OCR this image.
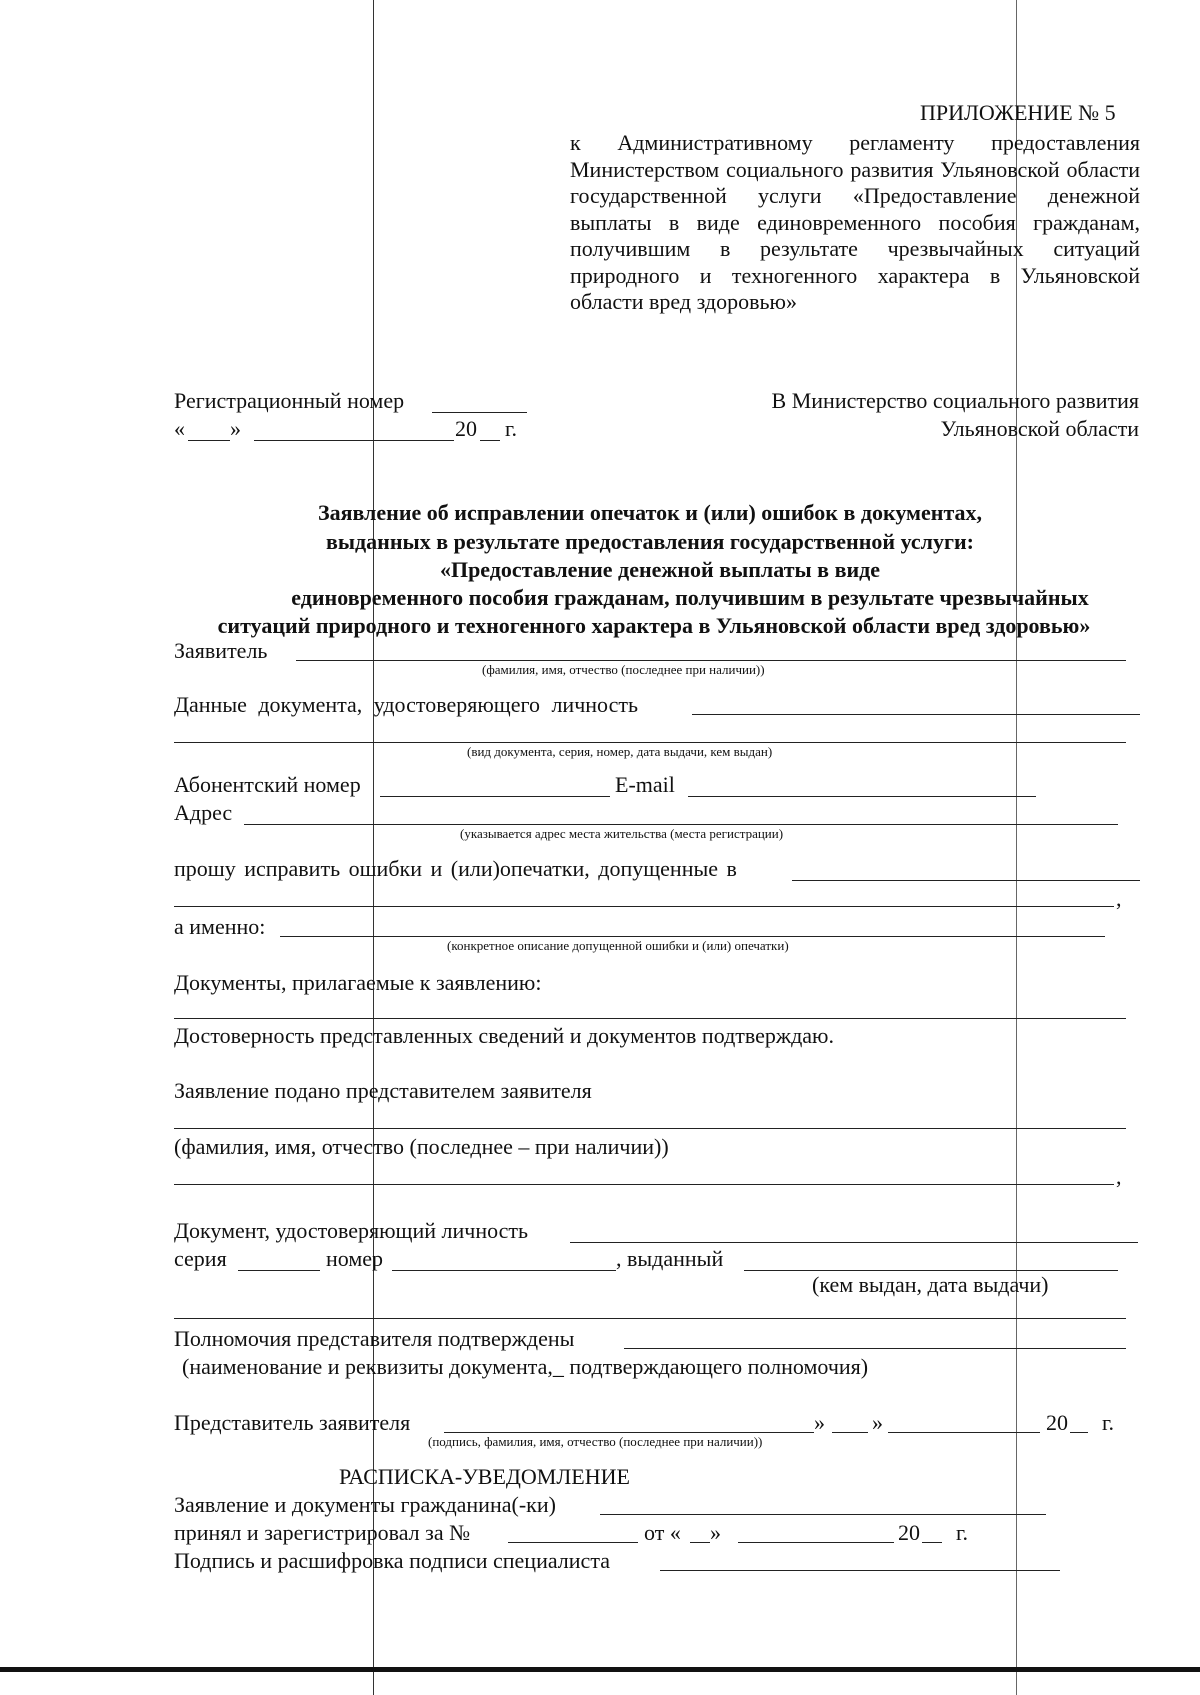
ПРИЛОЖЕНИЕ № 5
к Административному регламенту предоставления Министерством социального развития Ульяновской области государственной услуги «Предоставление денежной выплаты в виде единовременного пособия гражданам, получившим в результате чрезвычайных ситуаций природного и техногенного характера в Ульяновской области вред здоровью»
Регистрационный номер
« »	20 г.
В Министерство социального развития
Ульяновской области
Заявление об исправлении опечаток и (или) ошибок в документах,
выданных в результате предоставления государственной услуги:
«Предоставление денежной выплаты в виде
единовременного пособия гражданам, получившим в результате чрезвычайных
ситуаций природного и техногенного характера в Ульяновской области вред здоровью»
Заявитель
(фамилия, имя, отчество (последнее при наличии))
Данные документа, удостоверяющего личность
(вид документа, серия, номер, дата выдачи, кем выдан)
Абонентский номер	E-mail
Адрес
(указывается адрес места жительства (места регистрации)
прошу исправить ошибки и (или)опечатки, допущенные в
,
а именно:
(конкретное описание допущенной ошибки и (или) опечатки)
Документы, прилагаемые к заявлению:
Достоверность представленных сведений и документов подтверждаю.
Заявление подано представителем заявителя
(фамилия, имя, отчество (последнее – при наличии))
,
Документ, удостоверяющий личность
серия	номер	, выданный
(кем выдан, дата выдачи)
Полномочия представителя подтверждены
(наименование и реквизиты документа,_ подтверждающего полномочия)
Представитель заявителя	» »	20 г.
(подпись, фамилия, имя, отчество (последнее при наличии))
РАСПИСКА-УВЕДОМЛЕНИЕ
Заявление и документы гражданина(-ки)
принял и зарегистрировал за №	от « »	20 г.
Подпись и расшифровка подписи специалиста
